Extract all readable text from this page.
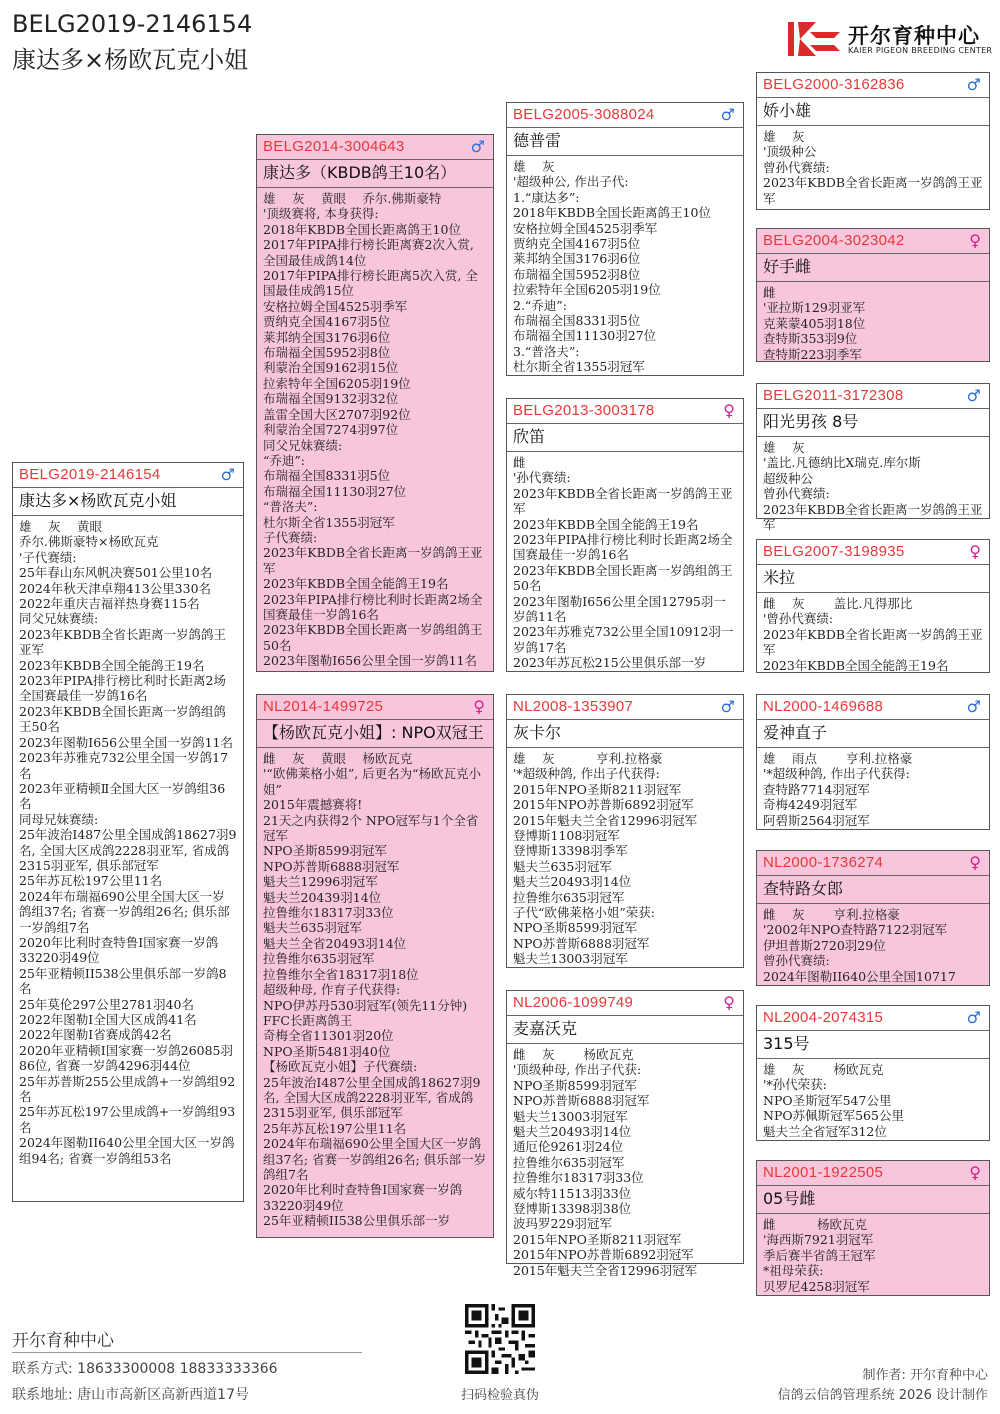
BELG2019-2146154
康达多×杨欧瓦克小姐
开尔育种中心
KAIER PIGEON BREEDING CENTER
BELG2019-2146154	♂
康达多×杨欧瓦克小姐
雄　 灰　 黄眼
乔尔.佛斯豪特×杨欧瓦克
'子代赛绩:
25年春山东风帆决赛501公里10名
2024年秋天津卓翔413公里330名
2022年重庆吉福祥热身赛115名
同父兄妹赛绩:
2023年KBDB全省长距离一岁鸽鸽王亚军
2023年KBDB全国全能鸽王19名
2023年PIPA排行榜比利时长距离2场全国赛最佳一岁鸽16名
2023年KBDB全国长距离一岁鸽组鸽王50名
2023年图勒I656公里全国一岁鸽11名
2023年苏雅克732公里全国一岁鸽17名
2023年亚精顿Ⅱ全国大区一岁鸽组36名
同母兄妹赛绩:
25年波治Ⅰ487公里全国成鸽18627羽9名, 全国大区成鸽2228羽亚军, 省成鸽2315羽亚军, 俱乐部冠军
25年苏瓦松197公里11名
2024年布瑞福690公里全国大区一岁鸽组37名; 省赛一岁鸽组26名; 俱乐部一岁鸽组7名
2020年比利时查特鲁I国家赛一岁鸽33220羽49位
25年亚精顿II538公里俱乐部一岁鸽8名
25年莫伦297公里2781羽40名
2022年图勒I全国大区成鸽41名
2022年图勒I省赛成鸽42名
2020年亚精顿I国家赛一岁鸽26085羽86位, 省赛一岁鸽4296羽44位
25年苏普斯255公里成鸽+一岁鸽组92名
25年苏瓦松197公里成鸽+一岁鸽组93名
2024年图勒II640公里全国大区一岁鸽组94名; 省赛一岁鸽组53名
BELG2014-3004643	♂
康达多（KBDB鸽王10名）
雄　 灰　 黄眼　 乔尔.佛斯豪特
'顶级赛将, 本身获得:
2018年KBDB全国长距离鸽王10位
2017年PIPA排行榜长距离赛2次入赏, 全国最佳成鸽14位
2017年PIPA排行榜长距离5次入赏, 全国最佳成鸽15位
安格拉姆全国4525羽季军
贾纳克全国4167羽5位
莱邦纳全国3176羽6位
布瑞福全国5952羽8位
利蒙治全国9162羽15位
拉索特年全国6205羽19位
布瑞福全国9132羽32位
盖雷全国大区2707羽92位
利蒙治全国7274羽97位
同父兄妹赛绩:
“乔迪”:
布瑞福全国8331羽5位
布瑞福全国11130羽27位
“普洛夫”:
杜尔斯全省1355羽冠军
子代赛绩:
2023年KBDB全省长距离一岁鸽鸽王亚军
2023年KBDB全国全能鸽王19名
2023年PIPA排行榜比利时长距离2场全国赛最佳一岁鸽16名
2023年KBDB全国长距离一岁鸽组鸽王50名
2023年图勒I656公里全国一岁鸽11名
NL2014-1499725	♀
【杨欧瓦克小姐】: NPO双冠王
雌　 灰　 黄眼　 杨欧瓦克
'“欧佛莱格小姐”, 后更名为“杨欧瓦克小姐”
2015年震撼赛将!
21天之内获得2个 NPO冠军与1个全省冠军
NPO圣斯8599羽冠军
NPO苏普斯6888羽冠军
魁夫兰12996羽冠军
魁夫兰20439羽14位
拉鲁维尔18317羽33位
魁夫兰635羽冠军
魁夫兰全省20493羽14位
拉鲁维尔635羽冠军
拉鲁维尔全省18317羽18位
超级种母, 作育子代获得:
NPO伊苏丹530羽冠军(领先11分钟)
FFC长距离鸽王
奇梅全省11301羽20位
NPO圣斯5481羽40位
【杨欧瓦克小姐】子代赛绩:
25年波治Ⅰ487公里全国成鸽18627羽9名, 全国大区成鸽2228羽亚军, 省成鸽2315羽亚军, 俱乐部冠军
25年苏瓦松197公里11名
2024年布瑞福690公里全国大区一岁鸽组37名; 省赛一岁鸽组26名; 俱乐部一岁鸽组7名
2020年比利时查特鲁I国家赛一岁鸽33220羽49位
25年亚精顿II538公里俱乐部一岁
BELG2005-3088024	♂
德普雷
雄　 灰
'超级种公, 作出子代:
1.“康达多”:
2018年KBDB全国长距离鸽王10位
安格拉姆全国4525羽季军
贾纳克全国4167羽5位
莱邦纳全国3176羽6位
布瑞福全国5952羽8位
拉索特年全国6205羽19位
2.“乔迪”:
布瑞福全国8331羽5位
布瑞福全国11130羽27位
3.“普洛夫”:
杜尔斯全省1355羽冠军
BELG2013-3003178	♀
欣笛
雌
'孙代赛绩:
2023年KBDB全省长距离一岁鸽鸽王亚军
2023年KBDB全国全能鸽王19名
2023年PIPA排行榜比利时长距离2场全国赛最佳一岁鸽16名
2023年KBDB全国长距离一岁鸽组鸽王50名
2023年图勒I656公里全国12795羽一岁鸽11名
2023年苏雅克732公里全国10912羽一岁鸽17名
2023年苏瓦松215公里俱乐部一岁
NL2008-1353907	♂
灰卡尔
雄　 灰　　　 亨利.拉格豪
'*超级种鸽, 作出子代获得:
2015年NPO圣斯8211羽冠军
2015年NPO苏普斯6892羽冠军
2015年魁夫兰全省12996羽冠军
登博斯1108羽冠军
登博斯13398羽季军
魁夫兰635羽冠军
魁夫兰20493羽14位
拉鲁维尔635羽冠军
子代“欧佛莱格小姐”荣获:
NPO圣斯8599羽冠军
NPO苏普斯6888羽冠军
魁夫兰13003羽冠军
NL2006-1099749	♀
麦嘉沃克
雌　 灰　　 杨欧瓦克
'顶级种母, 作出子代获:
NPO圣斯8599羽冠军
NPO苏普斯6888羽冠军
魁夫兰13003羽冠军
魁夫兰20493羽14位
通厄伦9261羽24位
拉鲁维尔635羽冠军
拉鲁维尔18317羽33位
威尔特11513羽33位
登博斯13398羽38位
波玛罗229羽冠军
2015年NPO圣斯8211羽冠军
2015年NPO苏普斯6892羽冠军
2015年魁夫兰全省12996羽冠军
BELG2000-3162836	♂
娇小雄
雄　 灰
'顶级种公
曾孙代赛绩:
2023年KBDB全省长距离一岁鸽鸽王亚军
BELG2004-3023042	♀
好手雌
雌
'亚拉斯129羽亚军
克莱蒙405羽18位
查特斯353羽9位
查特斯223羽季军
BELG2011-3172308	♂
阳光男孩 8号
雄　 灰
'盖比.凡德纳比X瑞克.库尔斯
超级种公
曾孙代赛绩:
2023年KBDB全省长距离一岁鸽鸽王亚军
BELG2007-3198935	♀
米拉
雌　 灰　　 盖比.凡得那比
'曾孙代赛绩:
2023年KBDB全省长距离一岁鸽鸽王亚军
2023年KBDB全国全能鸽王19名
NL2000-1469688	♂
爱神直子
雄　 雨点　　 亨利.拉格豪
'*超级种鸽, 作出子代获得:
查特路7714羽冠军
奇梅4249羽冠军
阿碧斯2564羽冠军
NL2000-1736274	♀
查特路女郎
雌　 灰　　 亨利.拉格豪
'2002年NPO查特路7122羽冠军
伊坦普斯2720羽29位
曾孙代赛绩:
2024年图勒II640公里全国10717
NL2004-2074315	♂
315号
雄　 灰　　 杨欧瓦克
'*孙代荣获:
NPO圣斯冠军547公里
NPO苏佩斯冠军565公里
魁夫兰全省冠军312位
NL2001-1922505	♀
05号雌
雌　　　 杨欧瓦克
'海西斯7921羽冠军
季后赛半省鸽王冠军
*祖母荣获:
贝罗尼4258羽冠军
开尔育种中心
联系方式: 18633300008 18833333366
联系地址: 唐山市高新区高新西道17号	扫码检验真伪
制作者: 开尔育种中心
信鸽云信鸽管理系统 2026 设计制作
